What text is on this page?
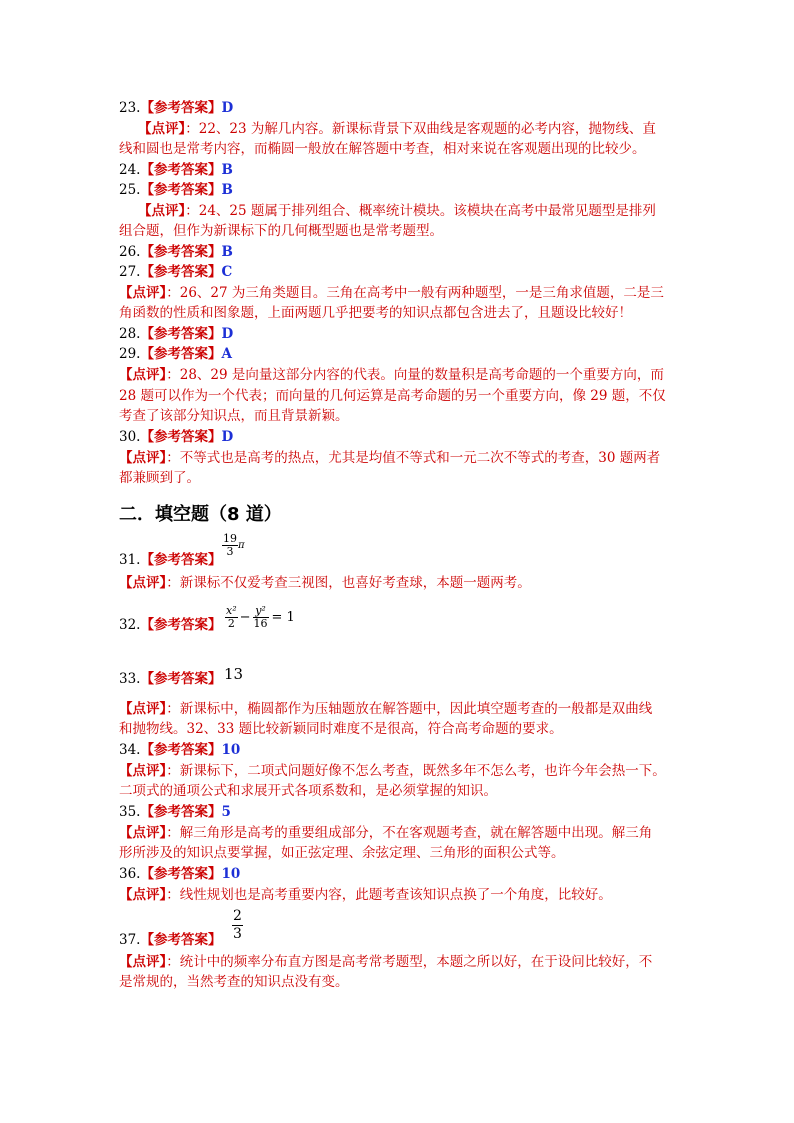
23.【参考答案】D
【点评】：22、23 为解几内容。新课标背景下双曲线是客观题的必考内容，抛物线、直
线和圆也是常考内容，而椭圆一般放在解答题中考查，相对来说在客观题出现的比较少。
24.【参考答案】B
25.【参考答案】B
【点评】：24、25 题属于排列组合、概率统计模块。该模块在高考中最常见题型是排列
组合题，但作为新课标下的几何概型题也是常考题型。
26.【参考答案】B
27.【参考答案】C
【点评】：26、27 为三角类题目。三角在高考中一般有两种题型，一是三角求值题，二是三
角函数的性质和图象题，上面两题几乎把要考的知识点都包含进去了，且题设比较好！
28.【参考答案】D
29.【参考答案】A
【点评】：28、29 是向量这部分内容的代表。向量的数量积是高考命题的一个重要方向，而
28 题可以作为一个代表；而向量的几何运算是高考命题的另一个重要方向，像 29 题，不仅
考查了该部分知识点，而且背景新颖。
30.【参考答案】D
【点评】：不等式也是高考的热点，尤其是均值不等式和一元二次不等式的考查，30 题两者
都兼顾到了。
二．填空题（8 道）
31.【参考答案】
$\frac{19}{3}$ π
【点评】：新课标不仅爱考查三视图，也喜好考查球，本题一题两考。
32.【参考答案】 $\frac{\text{x²}}{2} - \frac{\text{y²}}{16} = 1$
33.【参考答案】 13
【点评】：新课标中，椭圆都作为压轴题放在解答题中，因此填空题考查的一般都是双曲线
和抛物线。32、33 题比较新颖同时难度不是很高，符合高考命题的要求。
34.【参考答案】10
【点评】：新课标下，二项式问题好像不怎么考查，既然多年不怎么考，也许今年会热一下。
二项式的通项公式和求展开式各项系数和，是必须掌握的知识。
35.【参考答案】5
【点评】：解三角形是高考的重要组成部分，不在客观题考查，就在解答题中出现。解三角
形所涉及的知识点要掌握，如正弦定理、余弦定理、三角形的面积公式等。
36.【参考答案】10
【点评】：线性规划也是高考重要内容，此题考查该知识点换了一个角度，比较好。
37.【参考答案】 $\frac{2}{3}$
【点评】：统计中的频率分布直方图是高考常考题型，本题之所以好，在于设问比较好，不
是常规的，当然考查的知识点没有变。
